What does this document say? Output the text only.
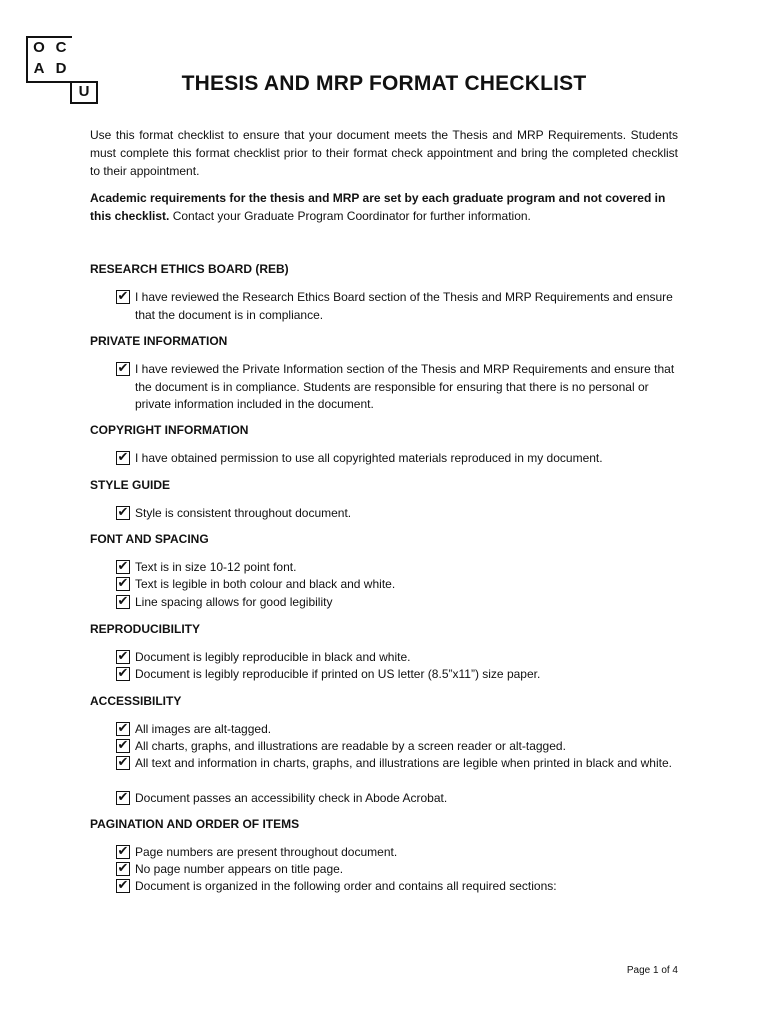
O C
A D
U	THESIS AND MRP FORMAT CHECKLIST

Use this format checklist to ensure that your document meets the Thesis and MRP Requirements. Students must complete this format checklist prior to their format check appointment and bring the completed checklist to their appointment.

Academic requirements for the thesis and MRP are set by each graduate program and not covered in this checklist. Contact your Graduate Program Coordinator for further information.

RESEARCH ETHICS BOARD (REB)
✔ I have reviewed the Research Ethics Board section of the Thesis and MRP Requirements and ensure that the document is in compliance.
PRIVATE INFORMATION
✔ I have reviewed the Private Information section of the Thesis and MRP Requirements and ensure that the document is in compliance. Students are responsible for ensuring that there is no personal or private information included in the document.
COPYRIGHT INFORMATION
✔ I have obtained permission to use all copyrighted materials reproduced in my document.
STYLE GUIDE
✔ Style is consistent throughout document.
FONT AND SPACING
✔ Text is in size 10-12 point font.
✔ Text is legible in both colour and black and white.
✔ Line spacing allows for good legibility
REPRODUCIBILITY
✔ Document is legibly reproducible in black and white.
✔ Document is legibly reproducible if printed on US letter (8.5”x11”) size paper.
ACCESSIBILITY
✔ All images are alt-tagged.
✔ All charts, graphs, and illustrations are readable by a screen reader or alt-tagged.
✔ All text and information in charts, graphs, and illustrations are legible when printed in black and white.
✔ Document passes an accessibility check in Abode Acrobat.
PAGINATION AND ORDER OF ITEMS
✔ Page numbers are present throughout document.
✔ No page number appears on title page.
✔ Document is organized in the following order and contains all required sections:
Page 1 of 4
